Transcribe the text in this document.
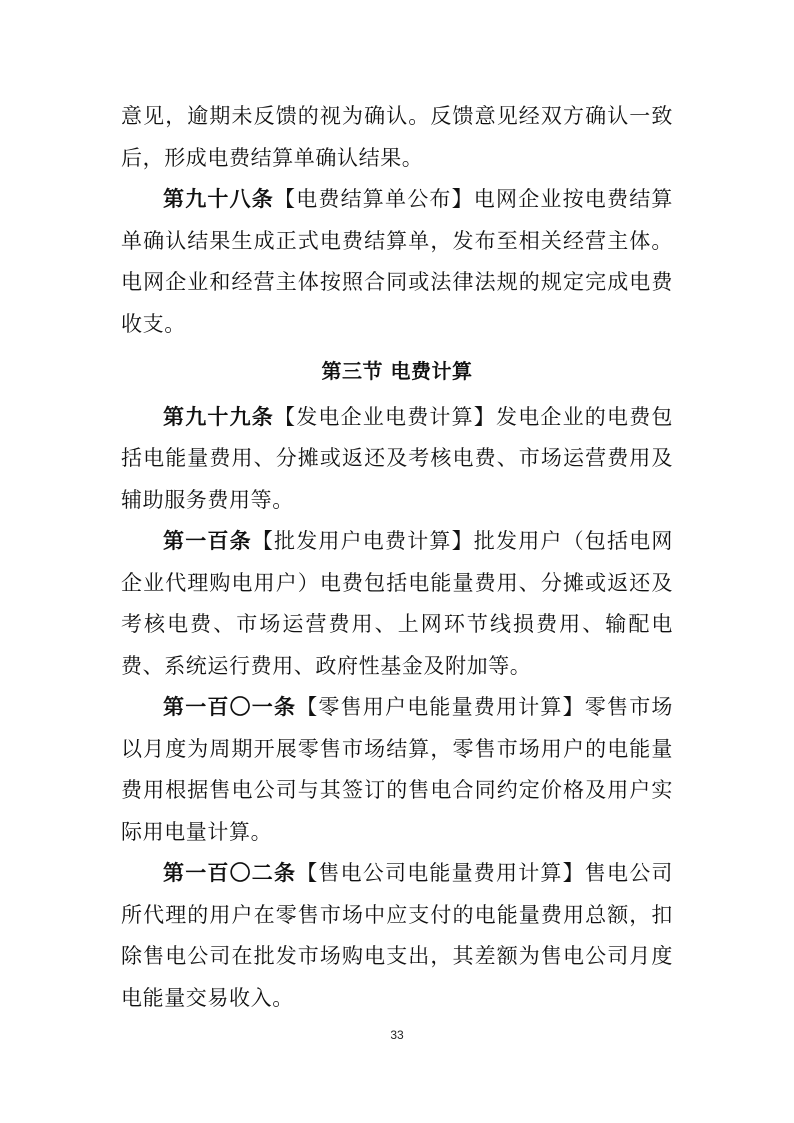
意见，逾期未反馈的视为确认。反馈意见经双方确认一致后，形成电费结算单确认结果。

第九十八条【电费结算单公布】电网企业按电费结算单确认结果生成正式电费结算单，发布至相关经营主体。电网企业和经营主体按照合同或法律法规的规定完成电费收支。

第三节 电费计算

第九十九条【发电企业电费计算】发电企业的电费包括电能量费用、分摊或返还及考核电费、市场运营费用及辅助服务费用等。

第一百条【批发用户电费计算】批发用户（包括电网企业代理购电用户）电费包括电能量费用、分摊或返还及考核电费、市场运营费用、上网环节线损费用、输配电费、系统运行费用、政府性基金及附加等。

第一百〇一条【零售用户电能量费用计算】零售市场以月度为周期开展零售市场结算，零售市场用户的电能量费用根据售电公司与其签订的售电合同约定价格及用户实际用电量计算。

第一百〇二条【售电公司电能量费用计算】售电公司所代理的用户在零售市场中应支付的电能量费用总额，扣除售电公司在批发市场购电支出，其差额为售电公司月度电能量交易收入。

33
